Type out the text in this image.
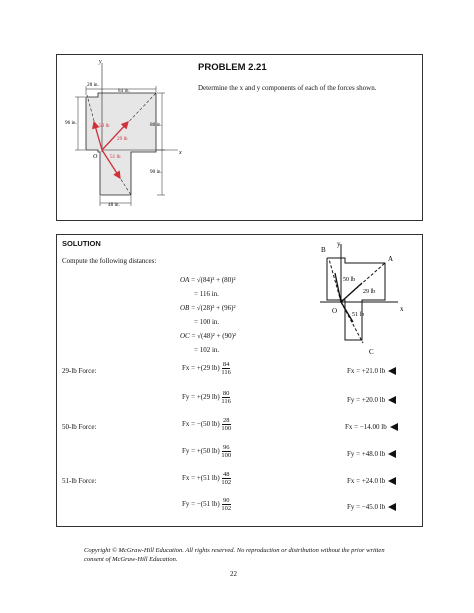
y
x
O
28 in.
84 in.
96 in.	80 in.
90 in.
48 in.
50 lb
29 lb
51 lb
PROBLEM 2.21
Determine the x and y components of each of the forces shown.
SOLUTION
Compute the following distances:
B
y
A
O	x
C
50 lb
29 lb
51 lb
OA = √(84)² + (80)²
= 116 in.
OB = √(28)² + (96)²
= 100 in.
OC = √(48)² + (90)²
= 102 in.
29-lb Force:	Fx = +(29 $lb) \frac{84}{116}$	Fx = +21.0 lb
Fy = +(29 $lb) \frac{80}{116}$	Fy = +20.0 lb
50-lb Force:	Fx = −(50 $lb) \frac{28}{100}$	Fx = −14.00 lb
Fy = +(50 $lb) \frac{96}{100}$	Fy = +48.0 lb
51-lb Force:	Fx = +(51 $lb) \frac{48}{102}$	Fx = +24.0 lb
Fy = −(51 $lb) \frac{90}{102}$	Fy = −45.0 lb
Copyright © McGraw-Hill Education. All rights reserved. No reproduction or distribution without the prior written consent of McGraw-Hill Education.
22
